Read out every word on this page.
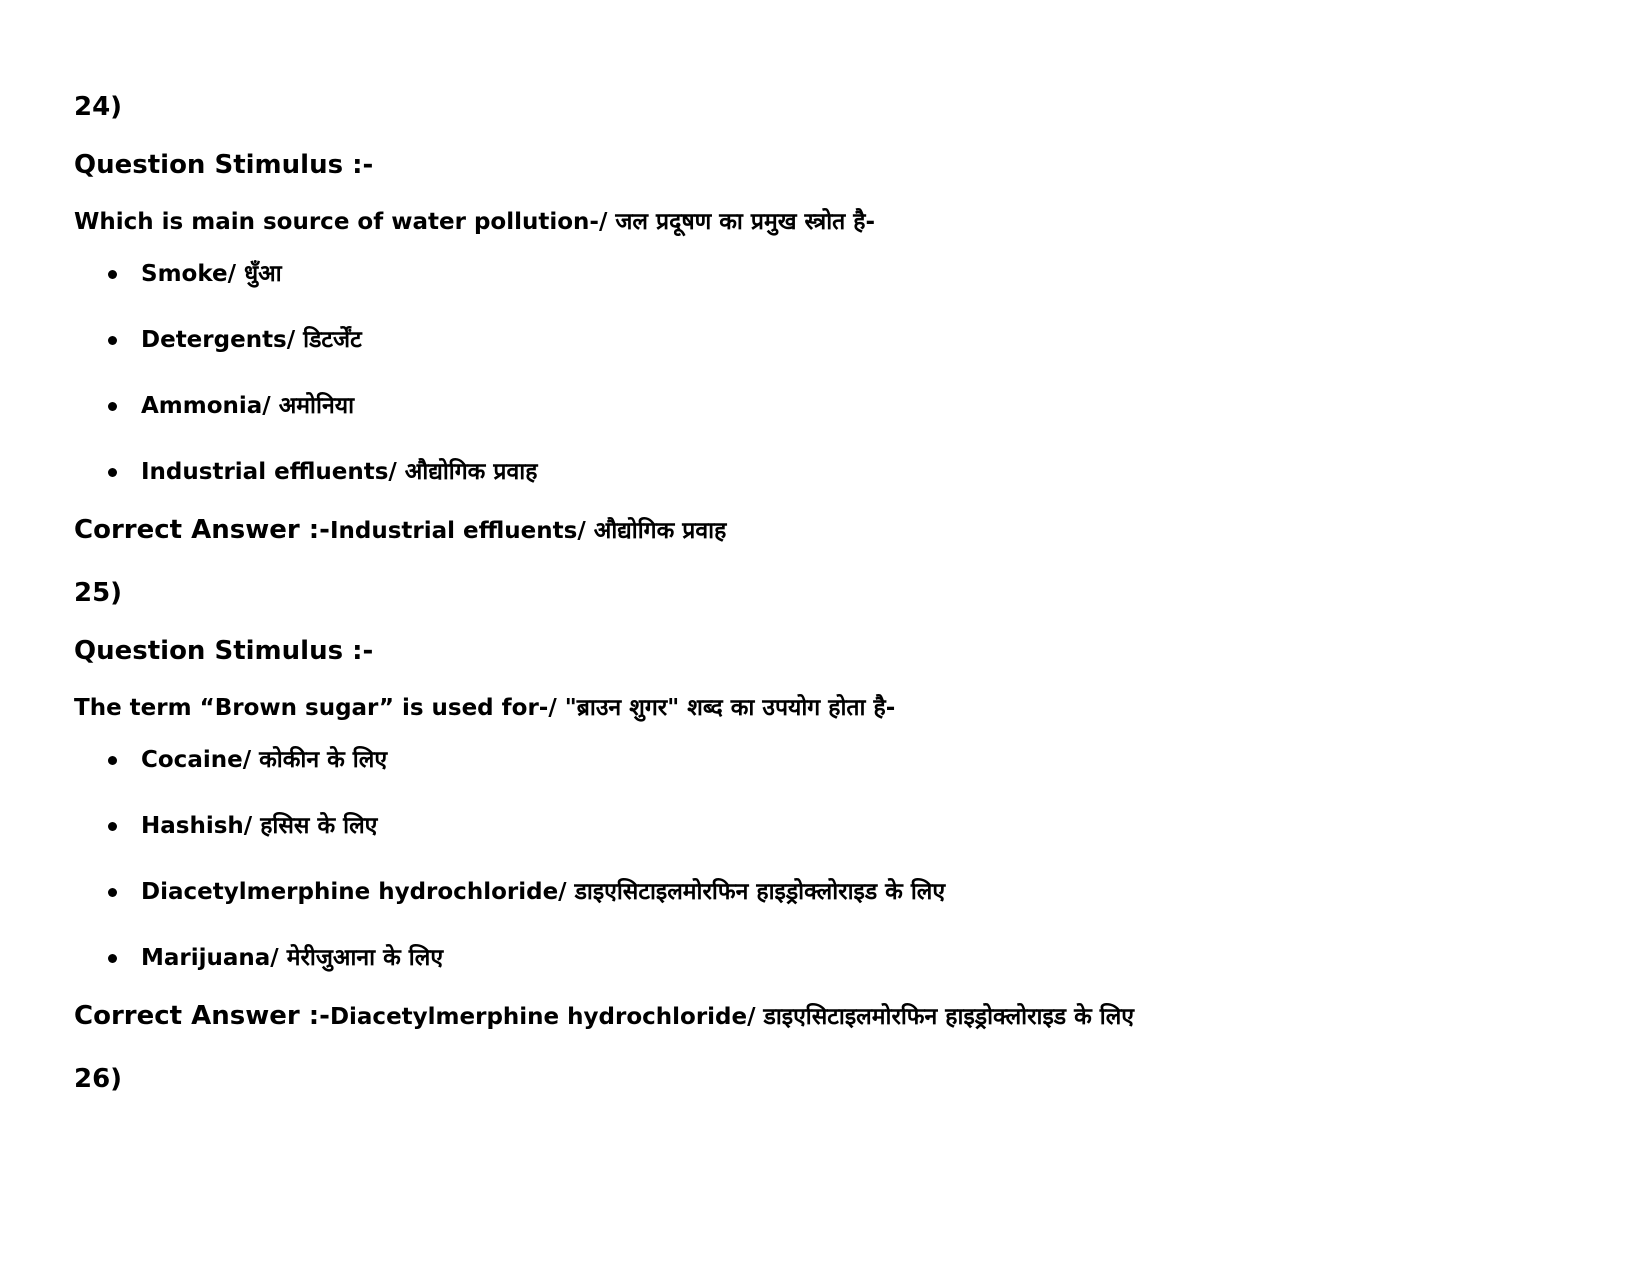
24)
Question Stimulus :-
Which is main source of water pollution-/ जल प्रदूषण का प्रमुख स्त्रोत है-
Smoke/ धुँआ
Detergents/ डिटर्जेंट
Ammonia/ अमोनिया
Industrial effluents/ औद्योगिक प्रवाह
Correct Answer :-Industrial effluents/ औद्योगिक प्रवाह
25)
Question Stimulus :-
The term “Brown sugar” is used for-/ "ब्राउन शुगर" शब्द का उपयोग होता है-
Cocaine/ कोकीन के लिए
Hashish/ हसिस के लिए
Diacetylmerphine hydrochloride/ डाइएसिटाइलमोरफिन हाइड्रोक्लोराइड के लिए
Marijuana/ मेरीजुआना के लिए
Correct Answer :-Diacetylmerphine hydrochloride/ डाइएसिटाइलमोरफिन हाइड्रोक्लोराइड के लिए
26)
